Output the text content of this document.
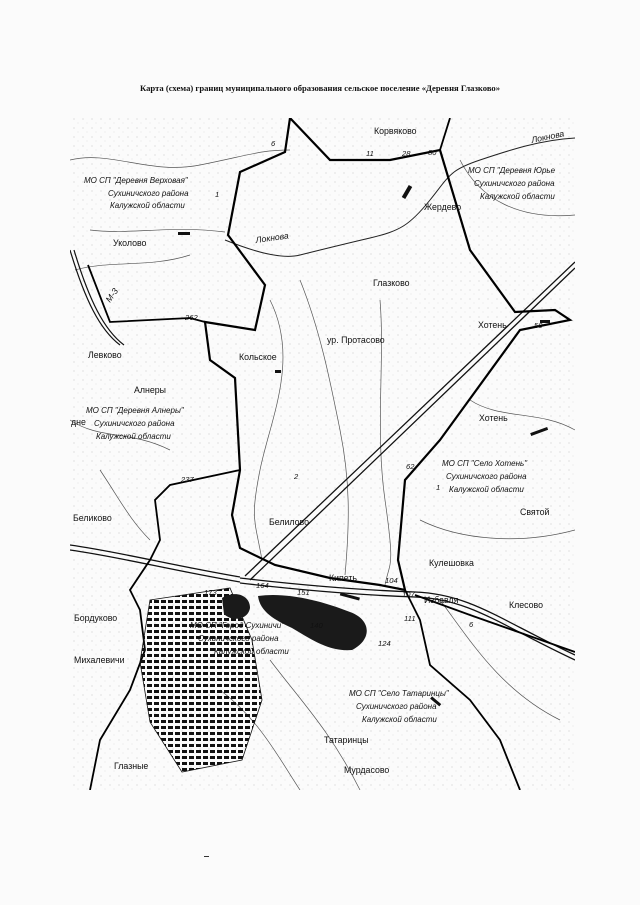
Карта (схема) границ муниципального образования сельское поселение «Деревня Глазково»
Корвяково
Жердево
Уколово
Глазково
ур. Протасово
Хотень
Хотень
Левково	Кольское
Алнеры
дне
Святой
Беликово	Белилово
Кулешовка
Кипеть
Избавля	Клесово
Бордуково
Михалевичи
Глазные
Татаринцы
Мурдасово
Локнова
Локнова
М-3
6
11	28 30
1
262
50
62
237	2
1
104
164
151
173	107
111
140
124
6
МО СП "Деревня Верховая"
Сухиничского района
Калужской области
МО СП "Деревня Юрье
Сухиничского района
Калужской области
МО СП "Деревня Алнеры"
Сухиничского района
Калужской области
МО СП "Село Хотень"
Сухиничского района
Калужской области
МО СП "Город Сухиничи"
Сухиничского района
Калужской области
МО СП "Село Татаринцы"
Сухиничского района
Калужской области
